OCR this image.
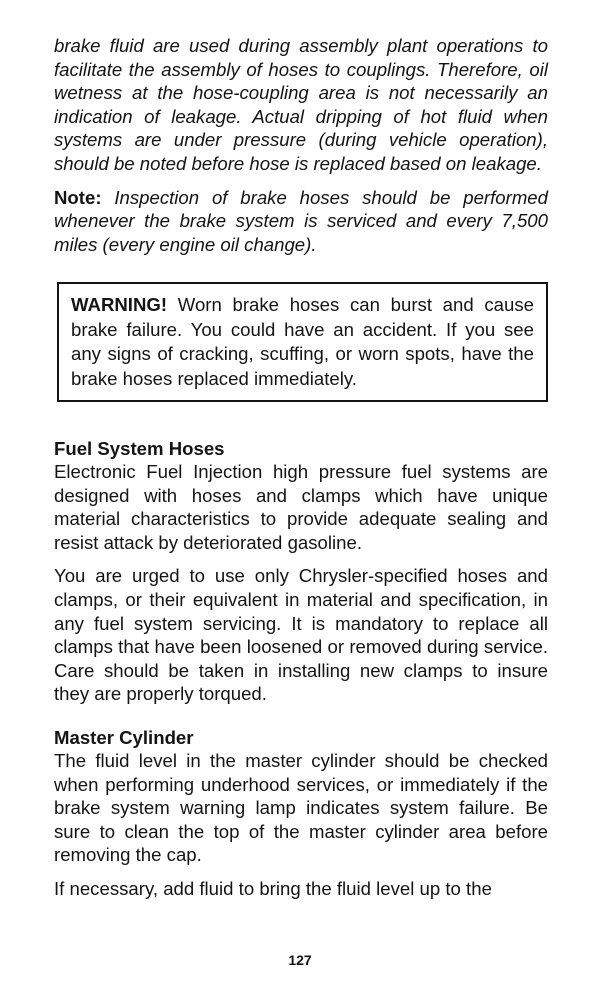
brake fluid are used during assembly plant operations to facilitate the assembly of hoses to couplings. Therefore, oil wetness at the hose-coupling area is not necessarily an indication of leakage. Actual dripping of hot fluid when systems are under pressure (during vehicle operation), should be noted before hose is replaced based on leakage.

Note: Inspection of brake hoses should be performed whenever the brake system is serviced and every 7,500 miles (every engine oil change).

WARNING! Worn brake hoses can burst and cause brake failure. You could have an accident. If you see any signs of cracking, scuffing, or worn spots, have the brake hoses replaced immediately.

Fuel System Hoses

Electronic Fuel Injection high pressure fuel systems are designed with hoses and clamps which have unique material characteristics to provide adequate sealing and resist attack by deteriorated gasoline.

You are urged to use only Chrysler-specified hoses and clamps, or their equivalent in material and specification, in any fuel system servicing. It is mandatory to replace all clamps that have been loosened or removed during service. Care should be taken in installing new clamps to insure they are properly torqued.

Master Cylinder

The fluid level in the master cylinder should be checked when performing underhood services, or immediately if the brake system warning lamp indicates system failure. Be sure to clean the top of the master cylinder area before removing the cap.

If necessary, add fluid to bring the fluid level up to the

127
